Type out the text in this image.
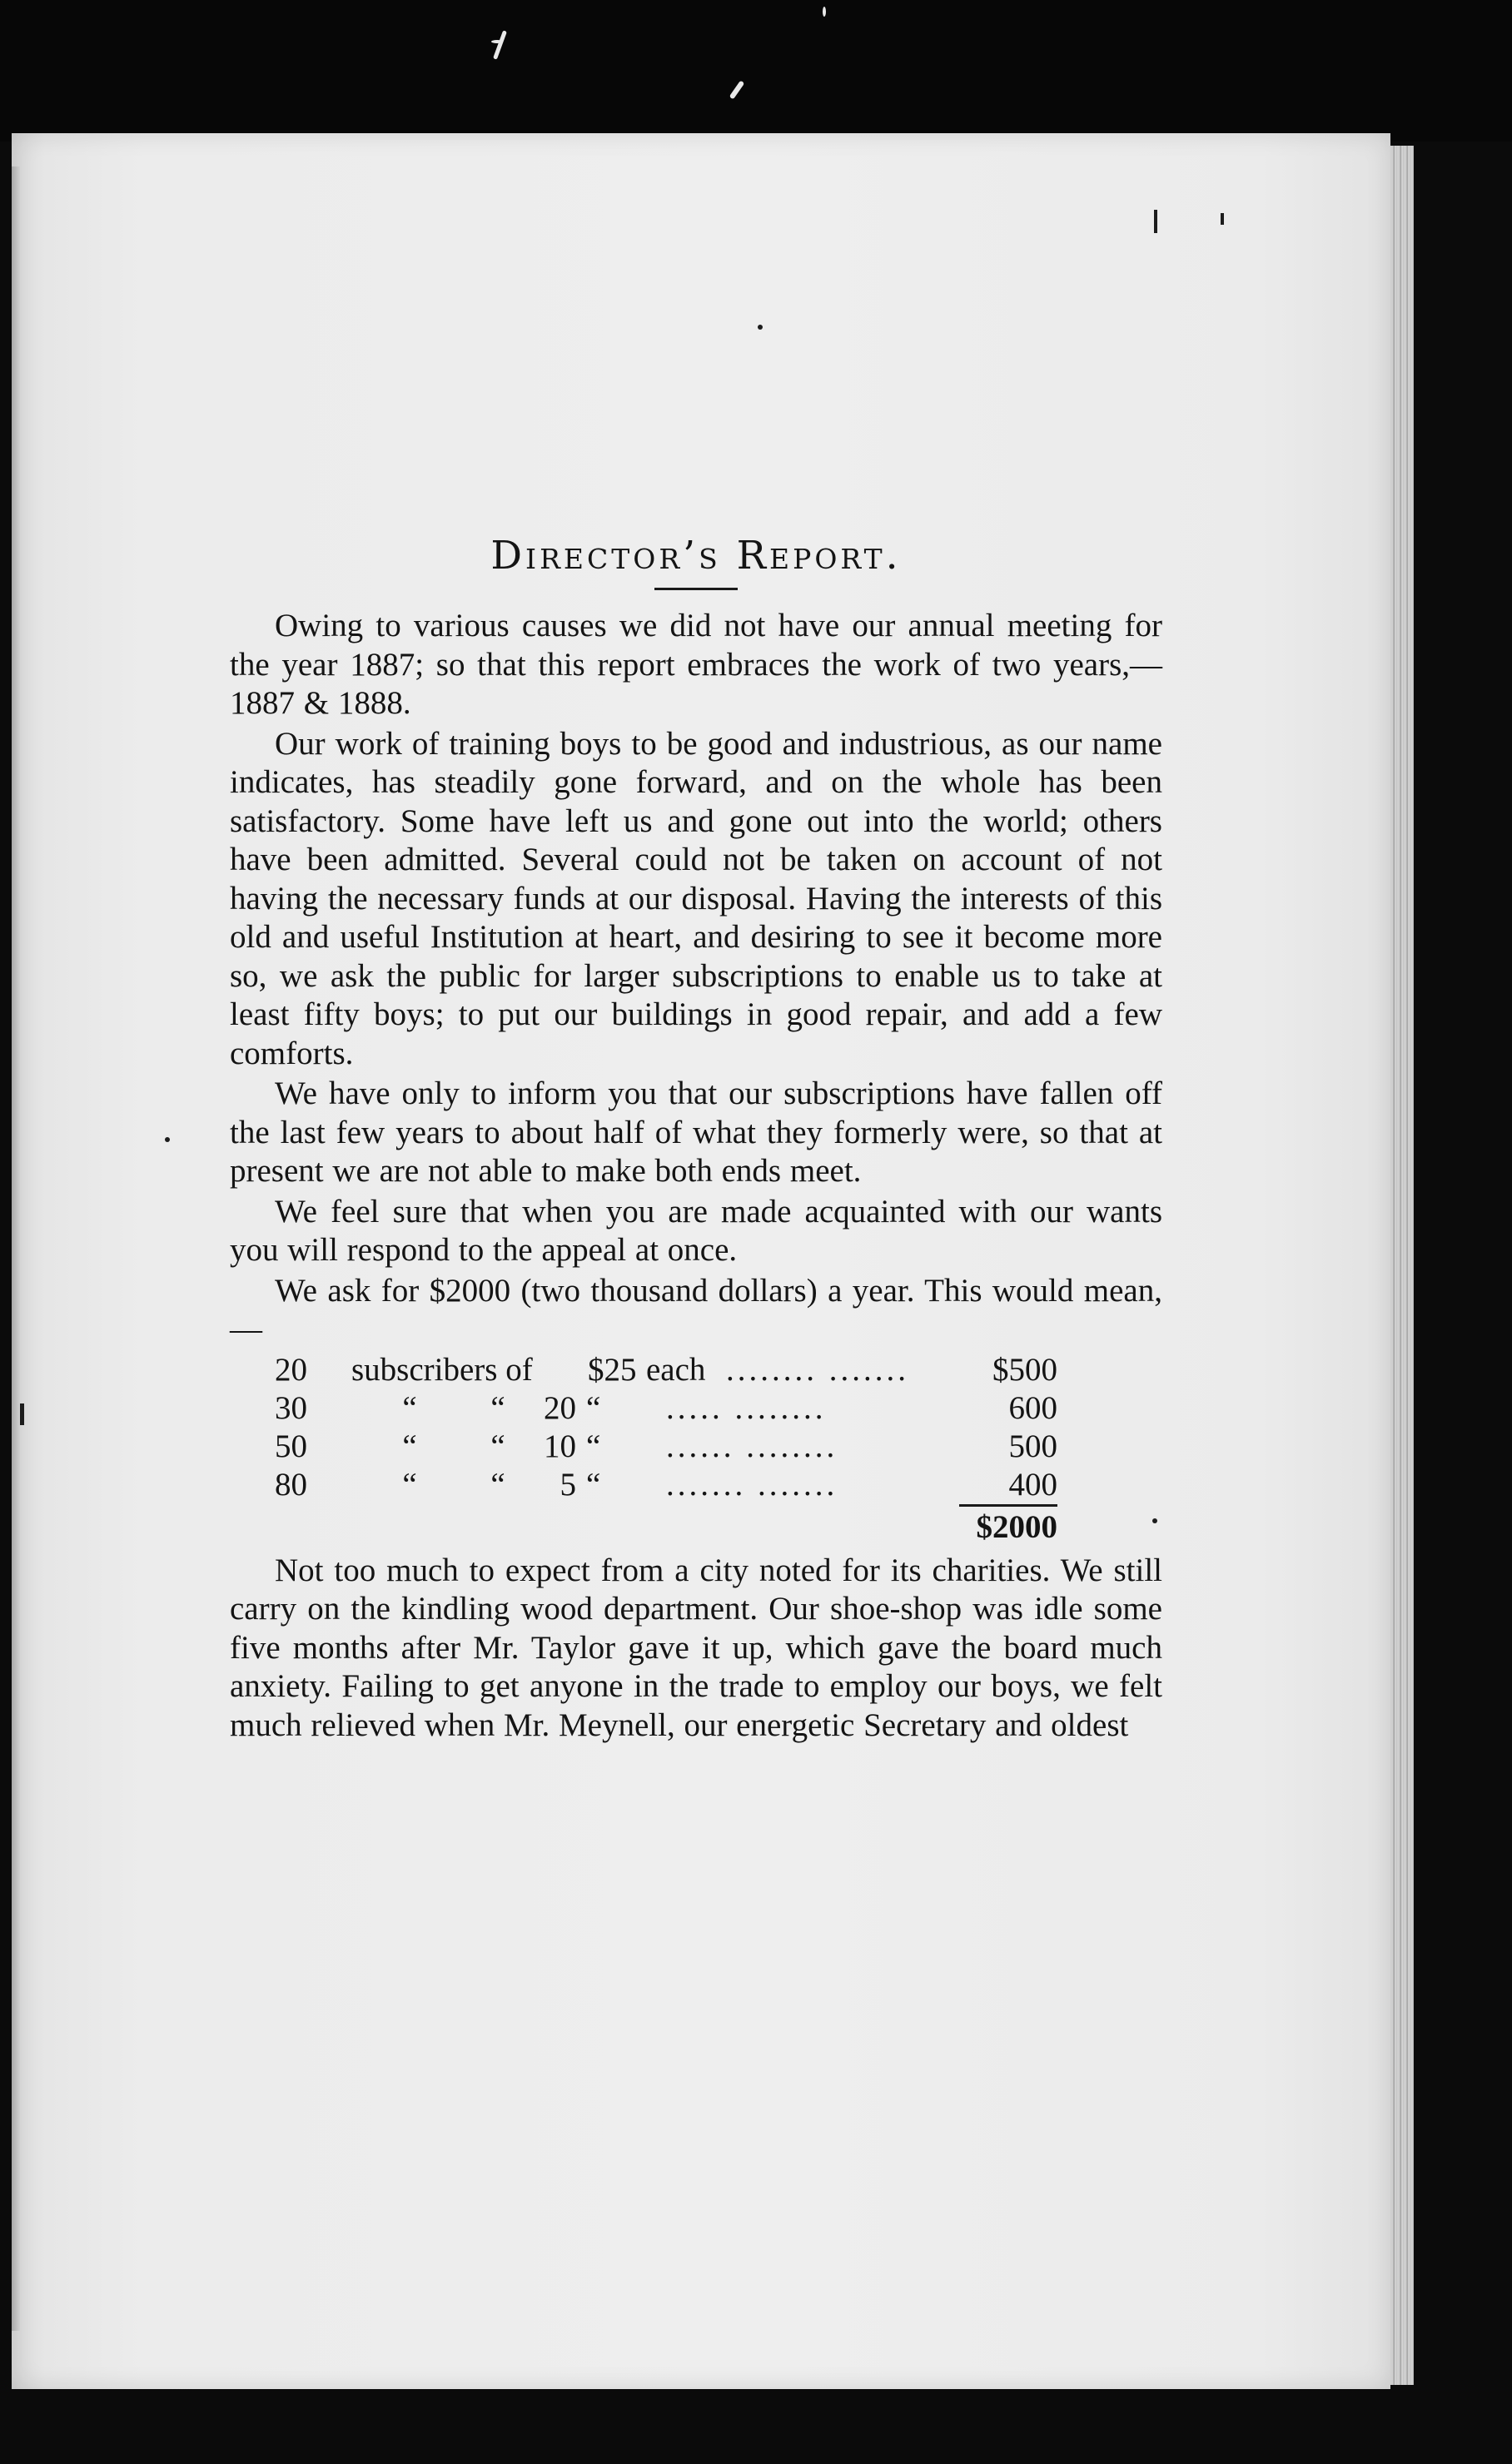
Director’s Report.

Owing to various causes we did not have our annual meeting for the year 1887; so that this report embraces the work of two years,—1887 & 1888.

Our work of training boys to be good and industrious, as our name indicates, has steadily gone forward, and on the whole has been satisfactory. Some have left us and gone out into the world; others have been admitted. Several could not be taken on account of not having the necessary funds at our disposal. Having the interests of this old and useful Institution at heart, and desiring to see it become more so, we ask the public for larger subscriptions to enable us to take at least fifty boys; to put our buildings in good repair, and add a few comforts.

We have only to inform you that our subscriptions have fallen off the last few years to about half of what they formerly were, so that at present we are not able to make both ends meet.

We feel sure that when you are made acquainted with our wants you will respond to the appeal at once.

We ask for $2000 (two thousand dollars) a year. This would mean,—

20	subscribers of	$25 each ........ .......	$500
30	“	“	20 “	..... ........	600
50	“	“	10 “	...... ........	500
80	“	“	5 “	....... .......	400
$2000

Not too much to expect from a city noted for its charities. We still carry on the kindling wood department. Our shoe-shop was idle some five months after Mr. Taylor gave it up, which gave the board much anxiety. Failing to get anyone in the trade to employ our boys, we felt much relieved when Mr. Meynell, our energetic Secretary and oldest
